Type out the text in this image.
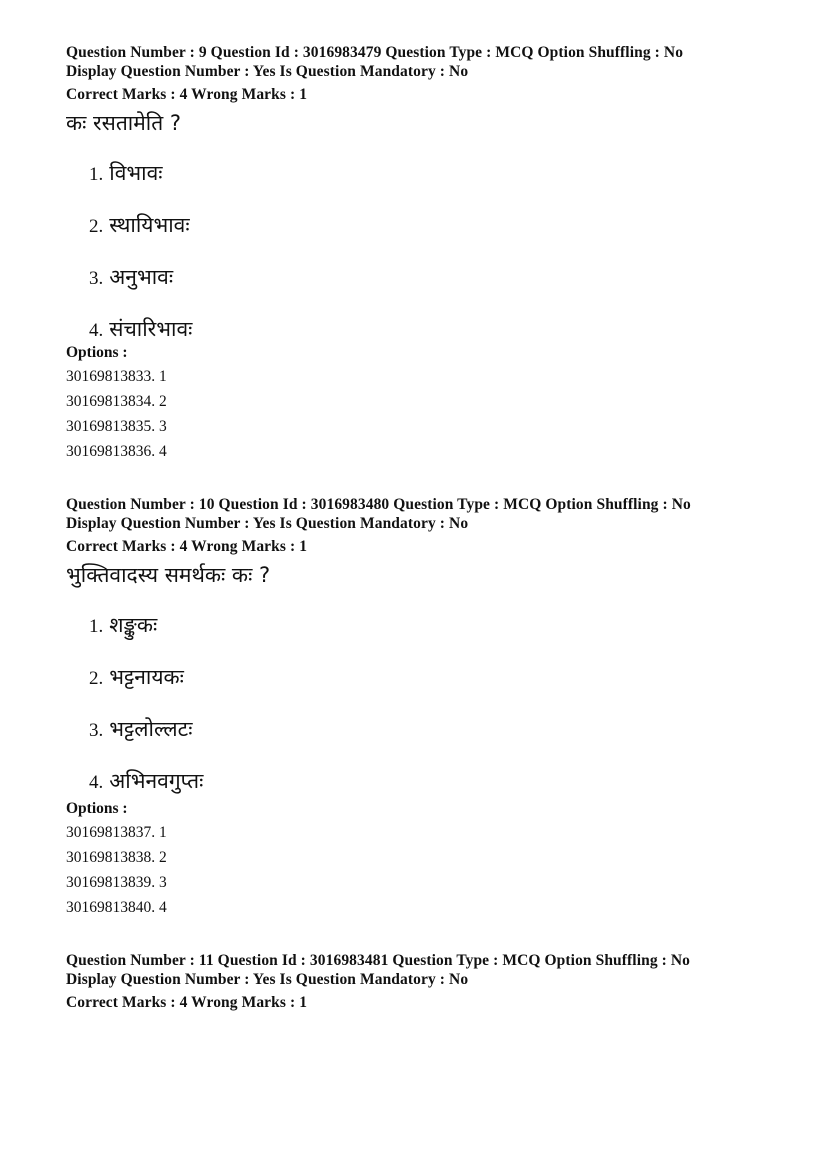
Question Number : 9 Question Id : 3016983479 Question Type : MCQ Option Shuffling : No
Display Question Number : Yes Is Question Mandatory : No
Correct Marks : 4 Wrong Marks : 1
कः रसतामेति ?
1. विभावः
2. स्थायिभावः
3. अनुभावः
4. संचारिभावः
Options :
30169813833. 1
30169813834. 2
30169813835. 3
30169813836. 4
Question Number : 10 Question Id : 3016983480 Question Type : MCQ Option Shuffling : No
Display Question Number : Yes Is Question Mandatory : No
Correct Marks : 4 Wrong Marks : 1
भुक्तिवादस्य समर्थकः कः ?
1. शङ्कुकः
2. भट्टनायकः
3. भट्टलोल्लटः
4. अभिनवगुप्तः
Options :
30169813837. 1
30169813838. 2
30169813839. 3
30169813840. 4
Question Number : 11 Question Id : 3016983481 Question Type : MCQ Option Shuffling : No
Display Question Number : Yes Is Question Mandatory : No
Correct Marks : 4 Wrong Marks : 1
